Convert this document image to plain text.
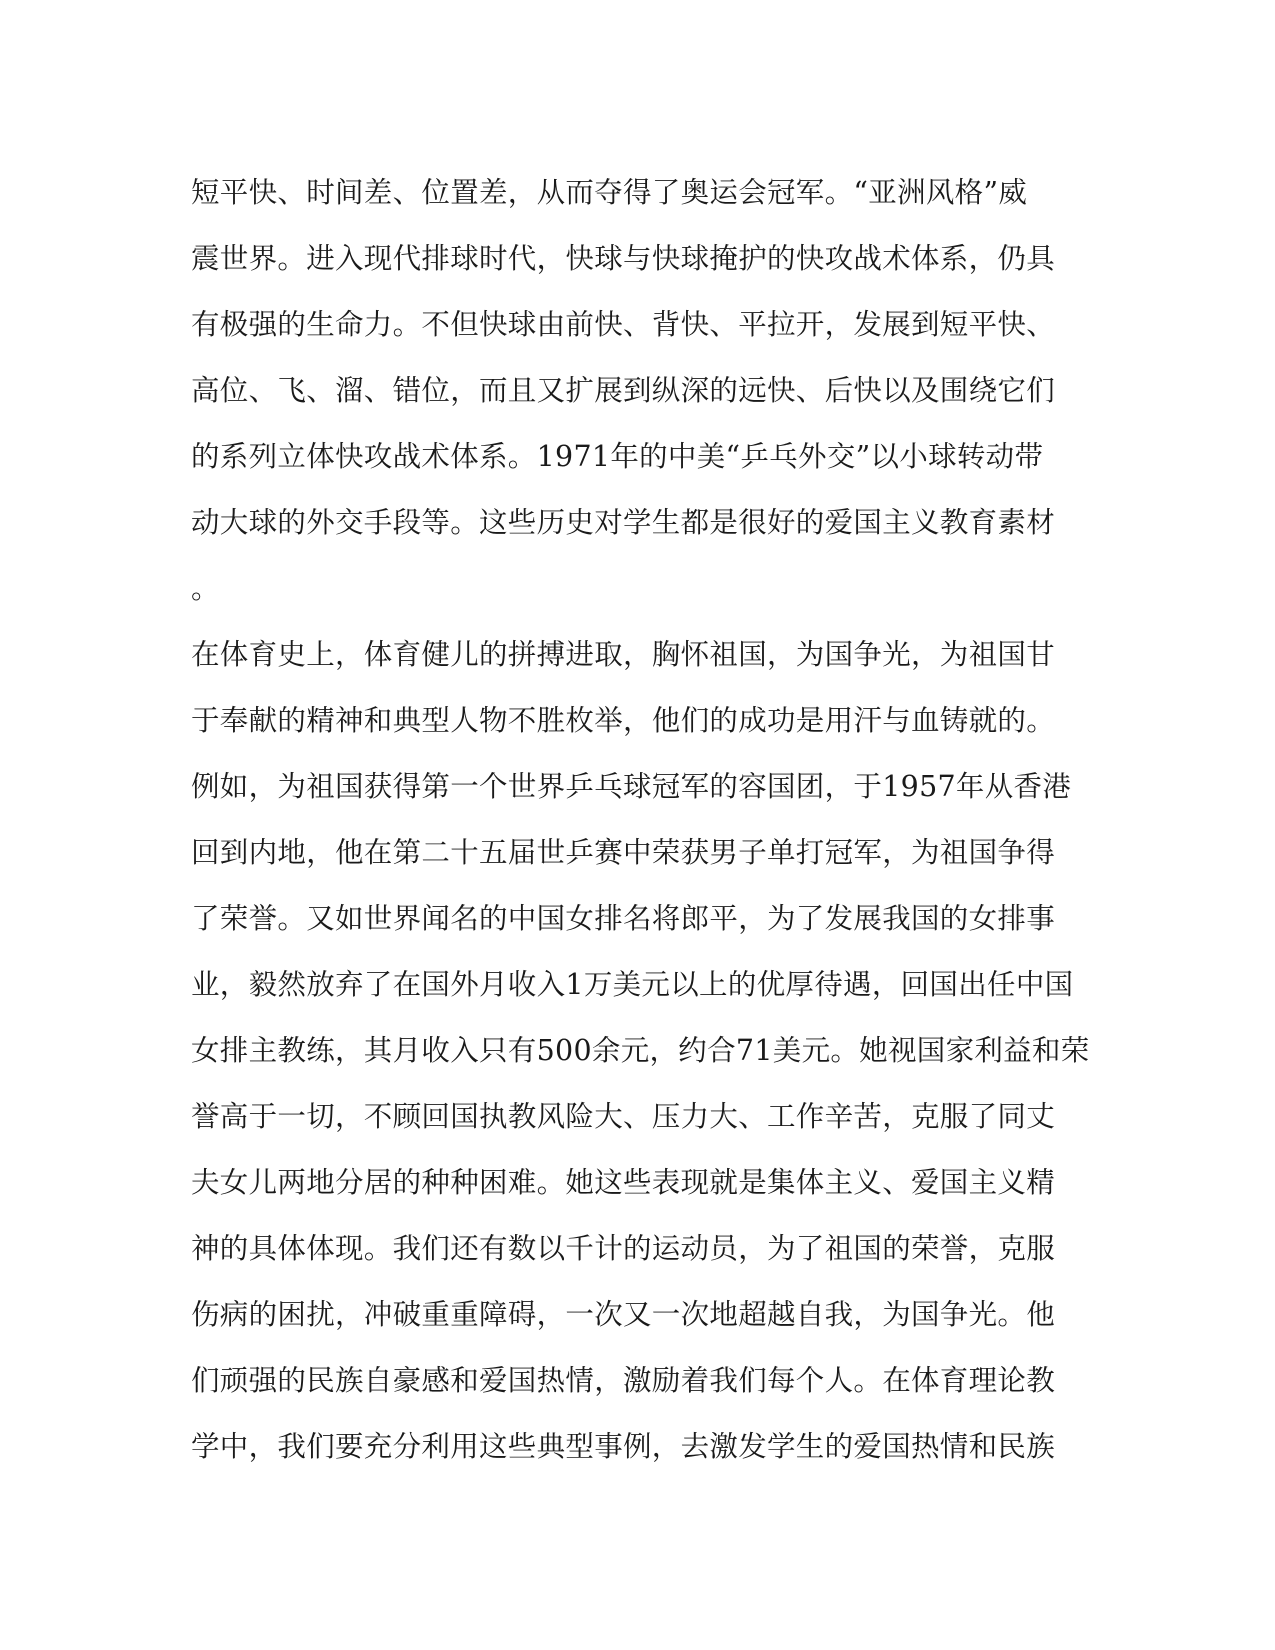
短平快、时间差、位置差，从而夺得了奥运会冠军。“亚洲风格”威
震世界。进入现代排球时代，快球与快球掩护的快攻战术体系，仍具
有极强的生命力。不但快球由前快、背快、平拉开，发展到短平快、
高位、飞、溜、错位，而且又扩展到纵深的远快、后快以及围绕它们
的系列立体快攻战术体系。1971年的中美“乒乓外交”以小球转动带
动大球的外交手段等。这些历史对学生都是很好的爱国主义教育素材
。
在体育史上，体育健儿的拼搏进取，胸怀祖国，为国争光，为祖国甘
于奉献的精神和典型人物不胜枚举，他们的成功是用汗与血铸就的。
例如，为祖国获得第一个世界乒乓球冠军的容国团，于1957年从香港
回到内地，他在第二十五届世乒赛中荣获男子单打冠军，为祖国争得
了荣誉。又如世界闻名的中国女排名将郎平，为了发展我国的女排事
业，毅然放弃了在国外月收入1万美元以上的优厚待遇，回国出任中国
女排主教练，其月收入只有500余元，约合71美元。她视国家利益和荣
誉高于一切，不顾回国执教风险大、压力大、工作辛苦，克服了同丈
夫女儿两地分居的种种困难。她这些表现就是集体主义、爱国主义精
神的具体体现。我们还有数以千计的运动员，为了祖国的荣誉，克服
伤病的困扰，冲破重重障碍，一次又一次地超越自我，为国争光。他
们顽强的民族自豪感和爱国热情，激励着我们每个人。在体育理论教
学中，我们要充分利用这些典型事例，去激发学生的爱国热情和民族
